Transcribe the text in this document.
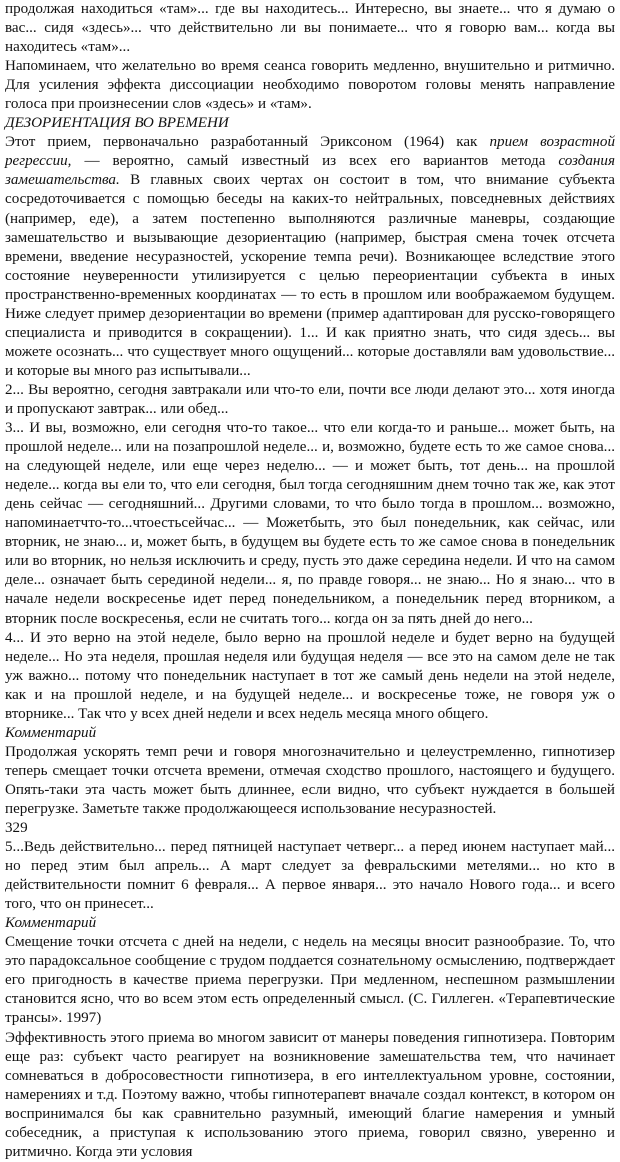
продолжая находиться «там»... где вы находитесь... Интересно, вы знаете... что я думаю о вас... сидя «здесь»... что действительно ли вы понимаете... что я говорю вам... когда вы находитесь «там»...

Напоминаем, что желательно во время сеанса говорить медленно, внушительно и ритмично. Для усиления эффекта диссоциации необходимо поворотом головы менять направление голоса при произнесении слов «здесь» и «там».

ДЕЗОРИЕНТАЦИЯ ВО ВРЕМЕНИ

Этот прием, первоначально разработанный Эриксоном (1964) как прием возрастной регрессии, — вероятно, самый известный из всех его вариантов метода создания замешательства. В главных своих чертах он состоит в том, что внимание субъекта сосредоточивается с помощью беседы на каких-то нейтральных, повседневных действиях (например, еде), а затем постепенно выполняются различные маневры, создающие замешательство и вызывающие дезориентацию (например, быстрая смена точек отсчета времени, введение несуразностей, ускорение темпа речи). Возникающее вследствие этого состояние неуверенности утилизируется с целью переориентации субъекта в иных пространственно-временных координатах — то есть в прошлом или воображаемом будущем. Ниже следует пример дезориентации во времени (пример адаптирован для русско-говорящего специалиста и приводится в сокращении). 1... И как приятно знать, что сидя здесь... вы можете осознать... что существует много ощущений... которые доставляли вам удовольствие... и которые вы много раз испытывали...

2... Вы вероятно, сегодня завтракали или что-то ели, почти все люди делают это... хотя иногда и пропускают завтрак... или обед...

3... И вы, возможно, ели сегодня что-то такое... что ели когда-то и раньше... может быть, на прошлой неделе... или на позапрошлой неделе... и, возможно, будете есть то же самое снова... на следующей неделе, или еще через неделю... — и может быть, тот день... на прошлой неделе... когда вы ели то, что ели сегодня, был тогда сегодняшним днем точно так же, как этот день сейчас — сегодняшний... Другими словами, то что было тогда в прошлом... возможно, напоминаетчто-то...чтоестьсейчас... — Можетбыть, это был понедельник, как сейчас, или вторник, не знаю... и, может быть, в будущем вы будете есть то же самое снова в понедельник или во вторник, но нельзя исключить и среду, пусть это даже середина недели. И что на самом деле... означает быть серединой недели... я, по правде говоря... не знаю... Но я знаю... что в начале недели воскресенье идет перед понедельником, а понедельник перед вторником, а вторник после воскресенья, если не считать того... когда он за пять дней до него...

4... И это верно на этой неделе, было верно на прошлой неделе и будет верно на будущей неделе... Но эта неделя, прошлая неделя или будущая неделя — все это на самом деле не так уж важно... потому что понедельник наступает в тот же самый день недели на этой неделе, как и на прошлой неделе, и на будущей неделе... и воскресенье тоже, не говоря уж о вторнике... Так что у всех дней недели и всех недель месяца много общего.

Комментарий

Продолжая ускорять темп речи и говоря многозначительно и целеустремленно, гипнотизер теперь смещает точки отсчета времени, отмечая сходство прошлого, настоящего и будущего. Опять-таки эта часть может быть длиннее, если видно, что субъект нуждается в большей перегрузке. Заметьте также продолжающееся использование несуразностей.

329

5...Ведь действительно... перед пятницей наступает четверг... а перед июнем наступает май... но перед этим был апрель... А март следует за февральскими метелями... но кто в действительности помнит 6 февраля... А первое января... это начало Нового года... и всего того, что он принесет...

Комментарий

Смещение точки отсчета с дней на недели, с недель на месяцы вносит разнообразие. То, что это парадоксальное сообщение с трудом поддается сознательному осмыслению, подтверждает его пригодность в качестве приема перегрузки. При медленном, неспешном размышлении становится ясно, что во всем этом есть определенный смысл. (С. Гиллеген. «Терапевтические трансы». 1997)

Эффективность этого приема во многом зависит от манеры поведения гипнотизера. Повторим еще раз: субъект часто реагирует на возникновение замешательства тем, что начинает сомневаться в добросовестности гипнотизера, в его интеллектуальном уровне, состоянии, намерениях и т.д. Поэтому важно, чтобы гипнотерапевт вначале создал контекст, в котором он воспринимался бы как сравнительно разумный, имеющий благие намерения и умный собеседник, а приступая к использованию этого приема, говорил связно, уверенно и ритмично. Когда эти условия
